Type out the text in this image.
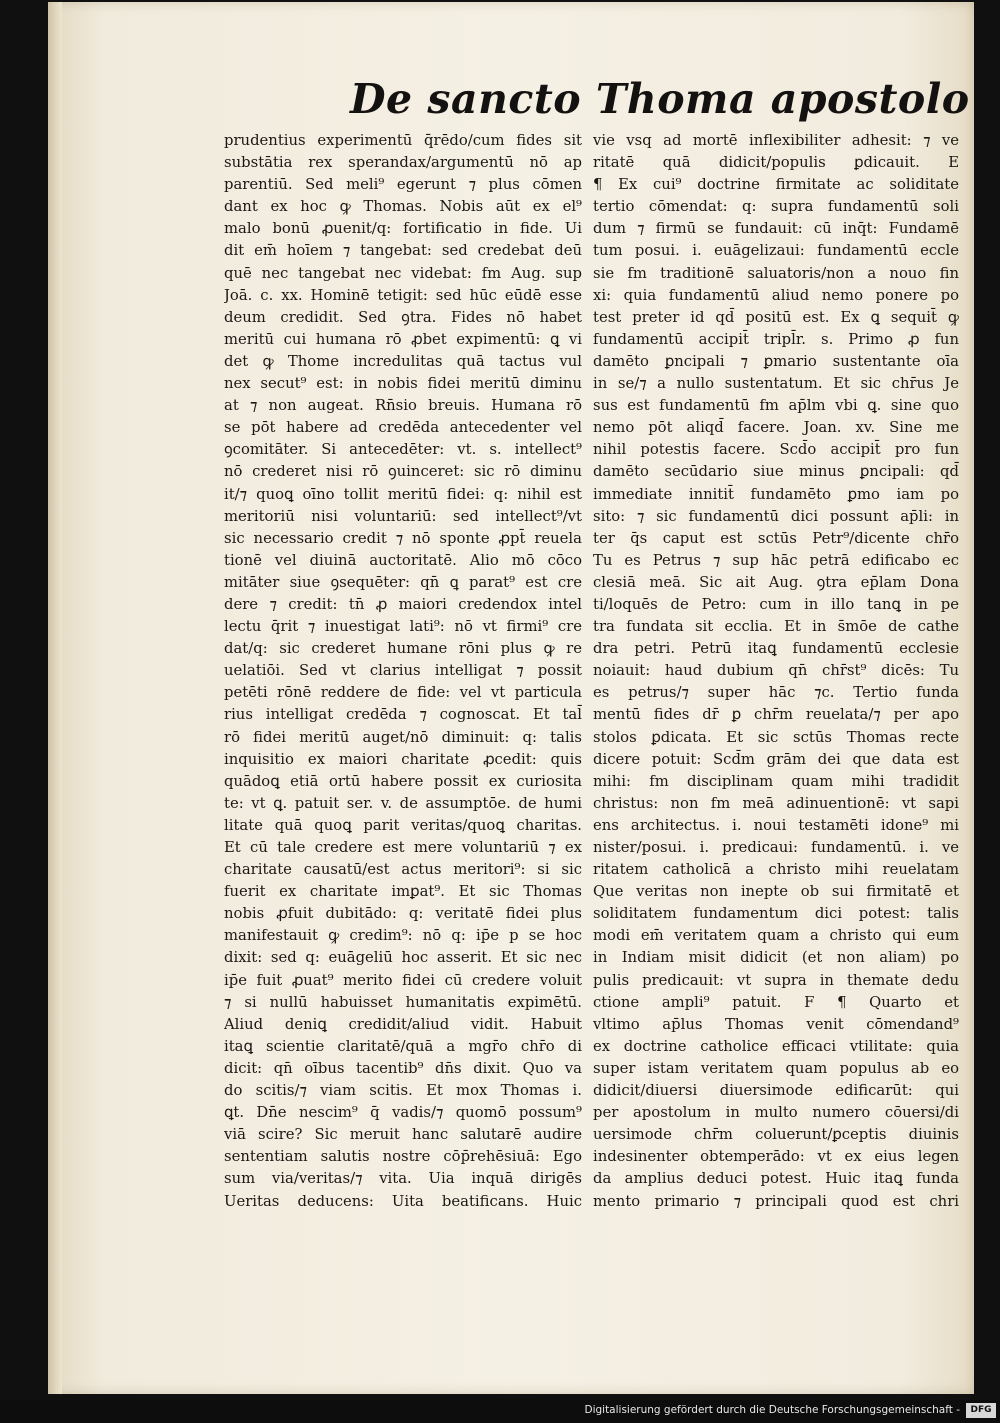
De sancto Thoma apostolo
prudentius experimentū q̄rēdo/cum fides sit
substātia rex sperandax/argumentū nō ap
parentiū. Sed meli⁹ egerunt ⁊ plus cōmen
dant ex hoc ꝙ Thomas. Nobis aūt ex el⁹
malo bonū ꝓuenit/q: fortificatio in fide. Ui
dit em̄ hoīem ⁊ tangebat: sed credebat deū
quē nec tangebat nec videbat: fm Aug. sup
Joā. c. xx. Hominē tetigit: sed hūc eūdē esse
deum credidit. Sed ꝯtra. Fides nō habet
meritū cui humana rō ꝓbet expimentū: ꝗ vi
det ꝙ Thome incredulitas quā tactus vul
nex secut⁹ est: in nobis fidei meritū diminu
at ⁊ non augeat. Rn̄sio breuis. Humana rō
se pōt habere ad credēda antecedenter vel
ꝯcomitāter. Si antecedēter: vt. s. intellect⁹
nō crederet nisi rō ꝯuinceret: sic rō diminu
it/⁊ quoꝗ oīno tollit meritū fidei: q: nihil est
meritoriū nisi voluntariū: sed intellect⁹/vt
sic necessario credit ⁊ nō sponte ꝓpt̄ reuela
tionē vel diuinā auctoritatē. Alio mō cōco
mitāter siue ꝯsequēter: qn̄ ꝗ parat⁹ est cre
dere ⁊ credit: tn̄ ꝓ maiori credendox intel
lectu q̄rit ⁊ inuestigat lati⁹: nō vt firmi⁹ cre
dat/q: sic crederet humane rōni plus ꝙ re
uelatiōi. Sed vt clarius intelligat ⁊ possit
petēti rōnē reddere de fide: vel vt particula
rius intelligat credēda ⁊ cognoscat. Et tal̄
rō fidei meritū auget/nō diminuit: q: talis
inquisitio ex maiori charitate ꝓcedit: quis
quādoꝗ etiā ortū habere possit ex curiosita
te: vt ꝗ. patuit ser. v. de assumptōe. de humi
litate quā quoꝗ parit veritas/quoꝗ charitas.
Et cū tale credere est mere voluntariū ⁊ ex
charitate causatū/est actus meritori⁹: si sic
fuerit ex charitate imꝑat⁹. Et sic Thomas
nobis ꝓfuit dubitādo: q: veritatē fidei plus
manifestauit ꝙ credim⁹: nō q: ip̄e p se hoc
dixit: sed q: euāgeliū hoc asserit. Et sic nec
ip̄e fuit ꝓuat⁹ merito fidei cū credere voluit
⁊ si nullū habuisset humanitatis expimētū.
Aliud deniꝗ credidit/aliud vidit. Habuit
itaꝗ scientie claritatē/quā a mgr̄o chr̄o di
dicit: qn̄ oībus tacentib⁹ dn̄s dixit. Quo va
do scitis/⁊ viam scitis. Et mox Thomas i.
ꝗt. Dn̄e nescim⁹ q̄ vadis/⁊ quomō possum⁹
viā scire? Sic meruit hanc salutarē audire
sententiam salutis nostre cōp̄rehēsiuā: Ego
sum via/veritas/⁊ vita. Uia inquā dirigēs
Ueritas deducens: Uita beatificans. Huic
vie vsq ad mortē inflexibiliter adhesit: ⁊ ve
ritatē quā didicit/populis ꝑdicauit. E
¶ Ex cui⁹ doctrine firmitate ac soliditate
tertio cōmendat: q: supra fundamentū soli
dum ⁊ firmū se fundauit: cū inq̄t: Fundamē
tum posui. i. euāgelizaui: fundamentū eccle
sie fm traditionē saluatoris/non a nouo fin
xi: quia fundamentū aliud nemo ponere po
test preter id qd̄ positū est. Ex ꝗ sequit̄ ꝙ
fundamentū accipit̄ tripl̄r. s. Primo ꝓ fun
damēto ꝑncipali ⁊ ꝑmario sustentante oīa
in se/⁊ a nullo sustentatum. Et sic chr̄us Je
sus est fundamentū fm ap̄lm vbi ꝗ. sine quo
nemo pōt aliqd̄ facere. Joan. xv. Sine me
nihil potestis facere. Scd̄o accipit̄ pro fun
damēto secūdario siue minus ꝑncipali: qd̄
immediate innitit̄ fundamēto ꝑmo iam po
sito: ⁊ sic fundamentū dici possunt ap̄li: in
ter q̄s caput est sctūs Petr⁹/dicente chr̄o
Tu es Petrus ⁊ sup hāc petrā edificabo ec
clesiā meā. Sic ait Aug. ꝯtra ep̄lam Dona
ti/loquēs de Petro: cum in illo tanꝗ in pe
tra fundata sit ecclia. Et in s̄mōe de cathe
dra petri. Petrū itaꝗ fundamentū ecclesie
noiauit: haud dubium qn̄ chr̄st⁹ dicēs: Tu
es petrus/⁊ super hāc ⁊c. Tertio funda
mentū fides dr̄ ꝑ chr̄m reuelata/⁊ per apo
stolos ꝑdicata. Et sic sctūs Thomas recte
dicere potuit: Scd̄m grām dei que data est
mihi: fm disciplinam quam mihi tradidit
christus: non fm meā adinuentionē: vt sapi
ens architectus. i. noui testamēti idone⁹ mi
nister/posui. i. predicaui: fundamentū. i. ve
ritatem catholicā a christo mihi reuelatam
Que veritas non inepte ob sui firmitatē et
soliditatem fundamentum dici potest: talis
modi em̄ veritatem quam a christo qui eum
in Indiam misit didicit (et non aliam) po
pulis predicauit: vt supra in themate dedu
ctione ampli⁹ patuit. F ¶ Quarto et
vltimo ap̄lus Thomas venit cōmendand⁹
ex doctrine catholice efficaci vtilitate: quia
super istam veritatem quam populus ab eo
didicit/diuersi diuersimode edificarūt: qui
per apostolum in multo numero cōuersi/di
uersimode chr̄m coluerunt/ꝑceptis diuinis
indesinenter obtemperādo: vt ex eius legen
da amplius deduci potest. Huic itaꝗ funda
mento primario ⁊ principali quod est chri
Digitalisierung gefördert durch die Deutsche Forschungsgemeinschaft -	DFG
